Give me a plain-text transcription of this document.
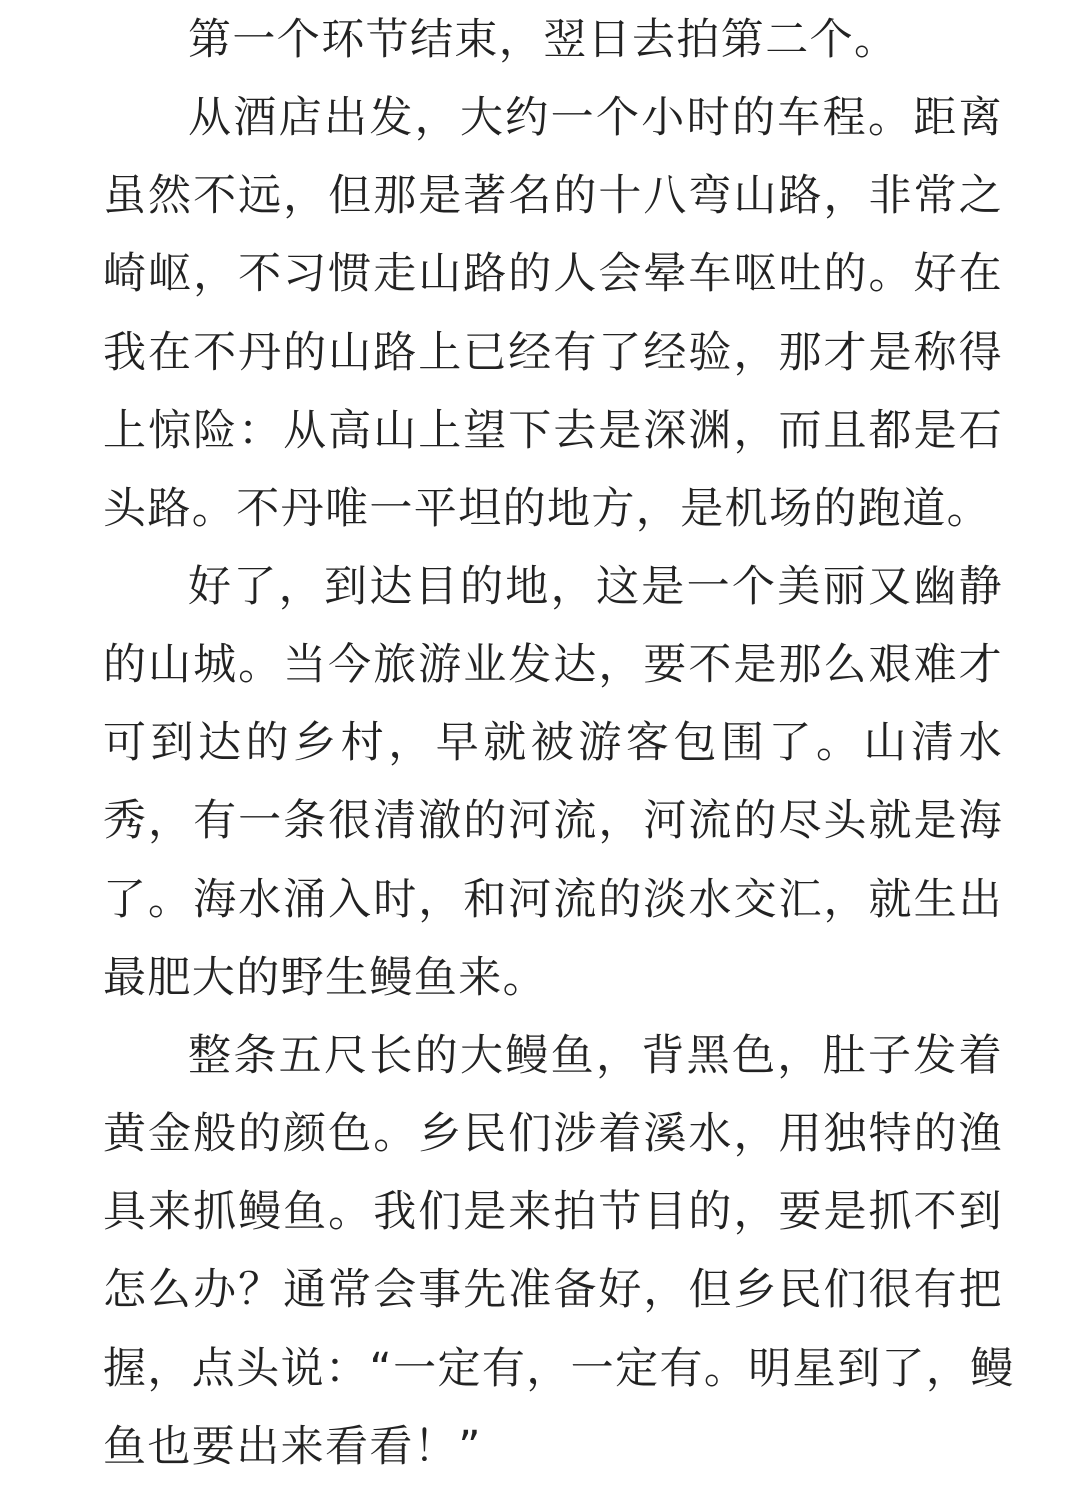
第一个环节结束，翌日去拍第二个。
从酒店出发，大约一个小时的车程。距离
虽然不远，但那是著名的十八弯山路，非常之
崎岖，不习惯走山路的人会晕车呕吐的。好在
我在不丹的山路上已经有了经验，那才是称得
上惊险：从高山上望下去是深渊，而且都是石
头路。不丹唯一平坦的地方，是机场的跑道。
好了，到达目的地，这是一个美丽又幽静
的山城。当今旅游业发达，要不是那么艰难才
可到达的乡村，早就被游客包围了。山清水
秀，有一条很清澈的河流，河流的尽头就是海
了。海水涌入时，和河流的淡水交汇，就生出
最肥大的野生鳗鱼来。
整条五尺长的大鳗鱼，背黑色，肚子发着
黄金般的颜色。乡民们涉着溪水，用独特的渔
具来抓鳗鱼。我们是来拍节目的，要是抓不到
怎么办？通常会事先准备好，但乡民们很有把
握，点头说：“一定有，一定有。明星到了，鳗
鱼也要出来看看！”
